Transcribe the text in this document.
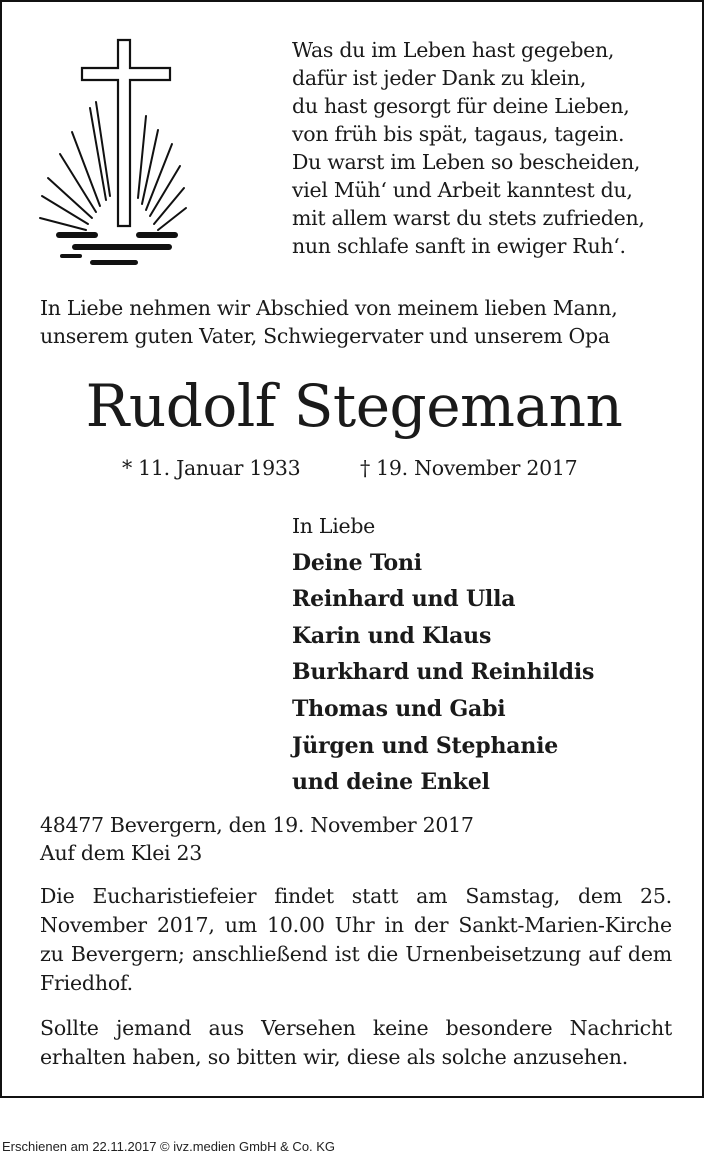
Was du im Leben hast gegeben,
dafür ist jeder Dank zu klein,
du hast gesorgt für deine Lieben,
von früh bis spät, tagaus, tagein.
Du warst im Leben so bescheiden,
viel Müh‘ und Arbeit kanntest du,
mit allem warst du stets zufrieden,
nun schlafe sanft in ewiger Ruh‘.
In Liebe nehmen wir Abschied von meinem lieben Mann,
unserem guten Vater, Schwiegervater und unserem Opa
Rudolf Stegemann
* 11. Januar 1933	† 19. November 2017
In Liebe
Deine Toni
Reinhard und Ulla
Karin und Klaus
Burkhard und Reinhildis
Thomas und Gabi
Jürgen und Stephanie
und deine Enkel
48477 Bevergern, den 19. November 2017
Auf dem Klei 23
Die Eucharistiefeier findet statt am Samstag, dem 25. November 2017, um 10.00 Uhr in der Sankt-Marien-​Kirche zu Bevergern; anschließend ist die Urnenbeisetzung auf dem Friedhof.
Sollte jemand aus Versehen keine besondere Nachricht erhalten haben, so bitten wir, diese als solche anzusehen.
Erschienen am 22.11.2017 © ivz.medien GmbH & Co. KG
